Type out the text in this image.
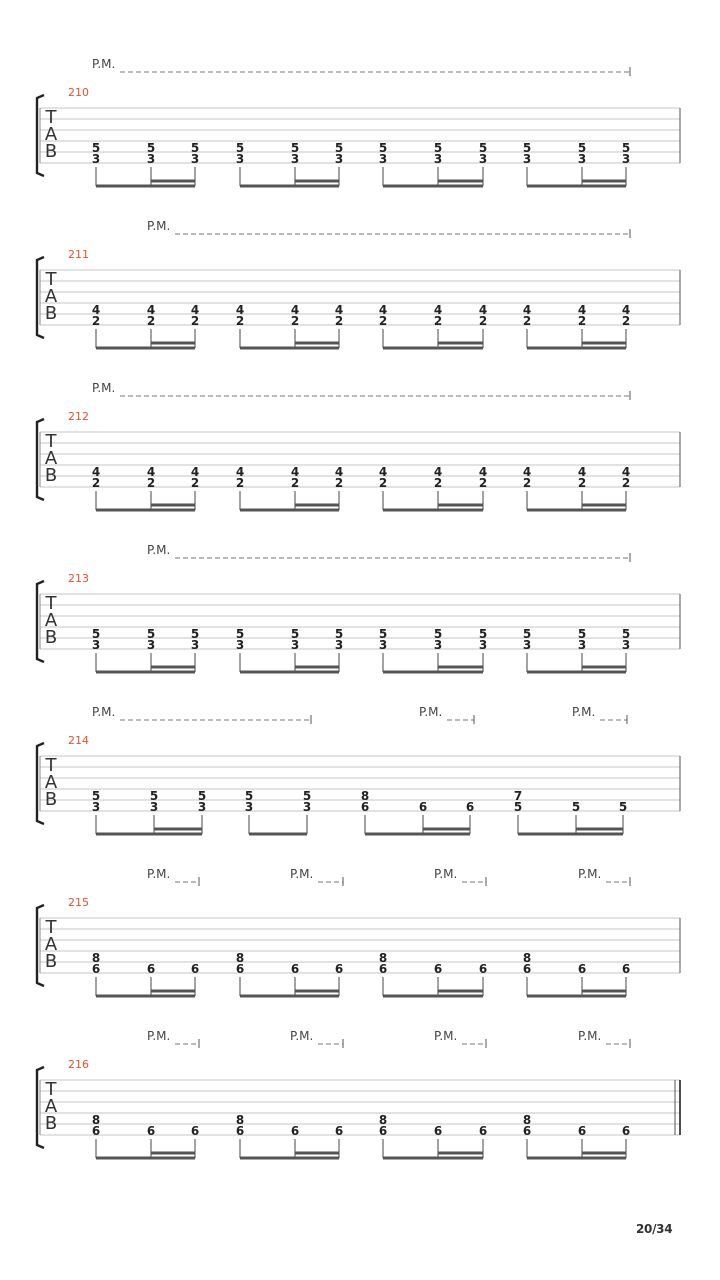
T
A
B
210
P.M.
5
3
5
3
5
3
5
3
5
3
5
3
5
3
5
3
5
3
5
3
5
3
5
3
T
A
B
211
P.M.
4
2
4
2
4
2
4
2
4
2
4
2
4
2
4
2
4
2
4
2
4
2
4
2
T
A
B
212
P.M.
4
2
4
2
4
2
4
2
4
2
4
2
4
2
4
2
4
2
4
2
4
2
4
2
T
A
B
213
P.M.
5
3
5
3
5
3
5
3
5
3
5
3
5
3
5
3
5
3
5
3
5
3
5
3
T
A
B
214
P.M.	P.M.	P.M.
5
3
5
3
5
3
5
3
5
3
8
6	6	6
7
5	5	5
T
A
B
215
P.M.	P.M.	P.M.	P.M.
8
6	6	6
8
6	6	6
8
6	6	6
8
6	6	6
T
A
B
216
P.M.	P.M.	P.M.	P.M.
8
6	6	6
8
6	6	6
8
6	6	6
8
6	6	6
20/34
